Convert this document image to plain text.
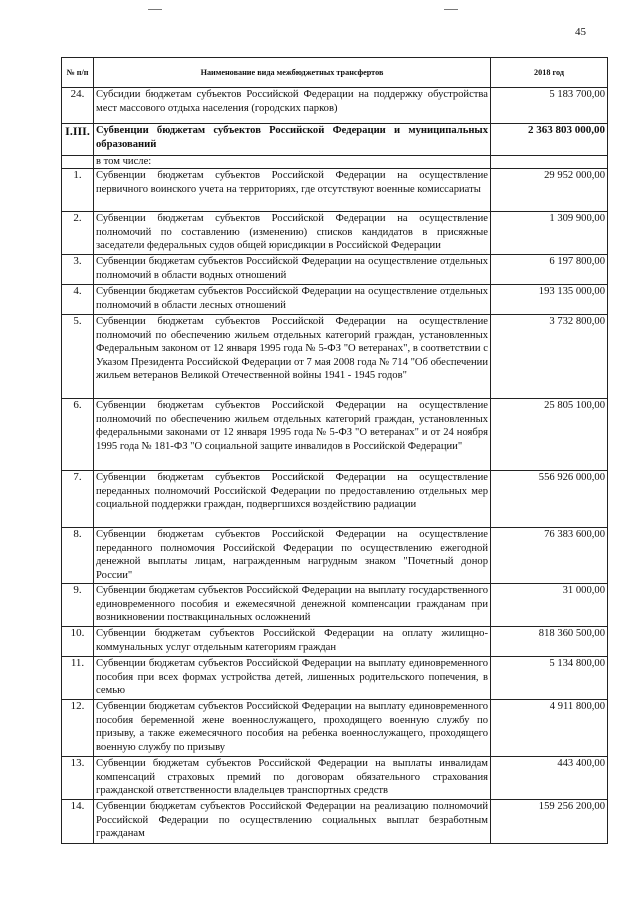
45
№ п/п	Наименование вида межбюджетных трансфертов	2018 год
24.	Субсидии бюджетам субъектов Российской Федерации на поддержку обустройства мест массового отдыха населения (городских парков)	5 183 700,00
I.III.	Субвенции бюджетам субъектов Российской Федерации и муниципальных образований	2 363 803 000,00
	в том числе:	
1.	Субвенции бюджетам субъектов Российской Федерации на осуществление первичного воинского учета на территориях, где отсутствуют военные комиссариаты	29 952 000,00
2.	Субвенции бюджетам субъектов Российской Федерации на осуществление полномочий по составлению (изменению) списков кандидатов в присяжные заседатели федеральных судов общей юрисдикции в Российской Федерации	1 309 900,00
3.	Субвенции бюджетам субъектов Российской Федерации на осуществление отдельных полномочий в области водных отношений	6 197 800,00
4.	Субвенции бюджетам субъектов Российской Федерации на осуществление отдельных полномочий в области лесных отношений	193 135 000,00
5.	Субвенции бюджетам субъектов Российской Федерации на осуществление полномочий по обеспечению жильем отдельных категорий граждан, установленных Федеральным законом от 12 января 1995 года № 5-ФЗ "О ветеранах", в соответствии с Указом Президента Российской Федерации от 7 мая 2008 года № 714 "Об обеспечении жильем ветеранов Великой Отечественной войны 1941 - 1945 годов"	3 732 800,00
6.	Субвенции бюджетам субъектов Российской Федерации на осуществление полномочий по обеспечению жильем отдельных категорий граждан, установленных федеральными законами от 12 января 1995 года № 5-ФЗ "О ветеранах" и от 24 ноября 1995 года № 181-ФЗ "О социальной защите инвалидов в Российской Федерации"	25 805 100,00
7.	Субвенции бюджетам субъектов Российской Федерации на осуществление переданных полномочий Российской Федерации по предоставлению отдельных мер социальной поддержки граждан, подвергшихся воздействию радиации	556 926 000,00
8.	Субвенции бюджетам субъектов Российской Федерации на осуществление переданного полномочия Российской Федерации по осуществлению ежегодной денежной выплаты лицам, награжденным нагрудным знаком "Почетный донор России"	76 383 600,00
9.	Субвенции бюджетам субъектов Российской Федерации на выплату государственного единовременного пособия и ежемесячной денежной компенсации гражданам при возникновении поствакцинальных осложнений	31 000,00
10.	Субвенции бюджетам субъектов Российской Федерации на оплату жилищно-коммунальных услуг отдельным категориям граждан	818 360 500,00
11.	Субвенции бюджетам субъектов Российской Федерации на выплату единовременного пособия при всех формах устройства детей, лишенных родительского попечения, в семью	5 134 800,00
12.	Субвенции бюджетам субъектов Российской Федерации на выплату единовременного пособия беременной жене военнослужащего, проходящего военную службу по призыву, а также ежемесячного пособия на ребенка военнослужащего, проходящего военную службу по призыву	4 911 800,00
13.	Субвенции бюджетам субъектов Российской Федерации на выплаты инвалидам компенсаций страховых премий по договорам обязательного страхования гражданской ответственности владельцев транспортных средств	443 400,00
14.	Субвенции бюджетам субъектов Российской Федерации на реализацию полномочий Российской Федерации по осуществлению социальных выплат безработным гражданам	159 256 200,00
